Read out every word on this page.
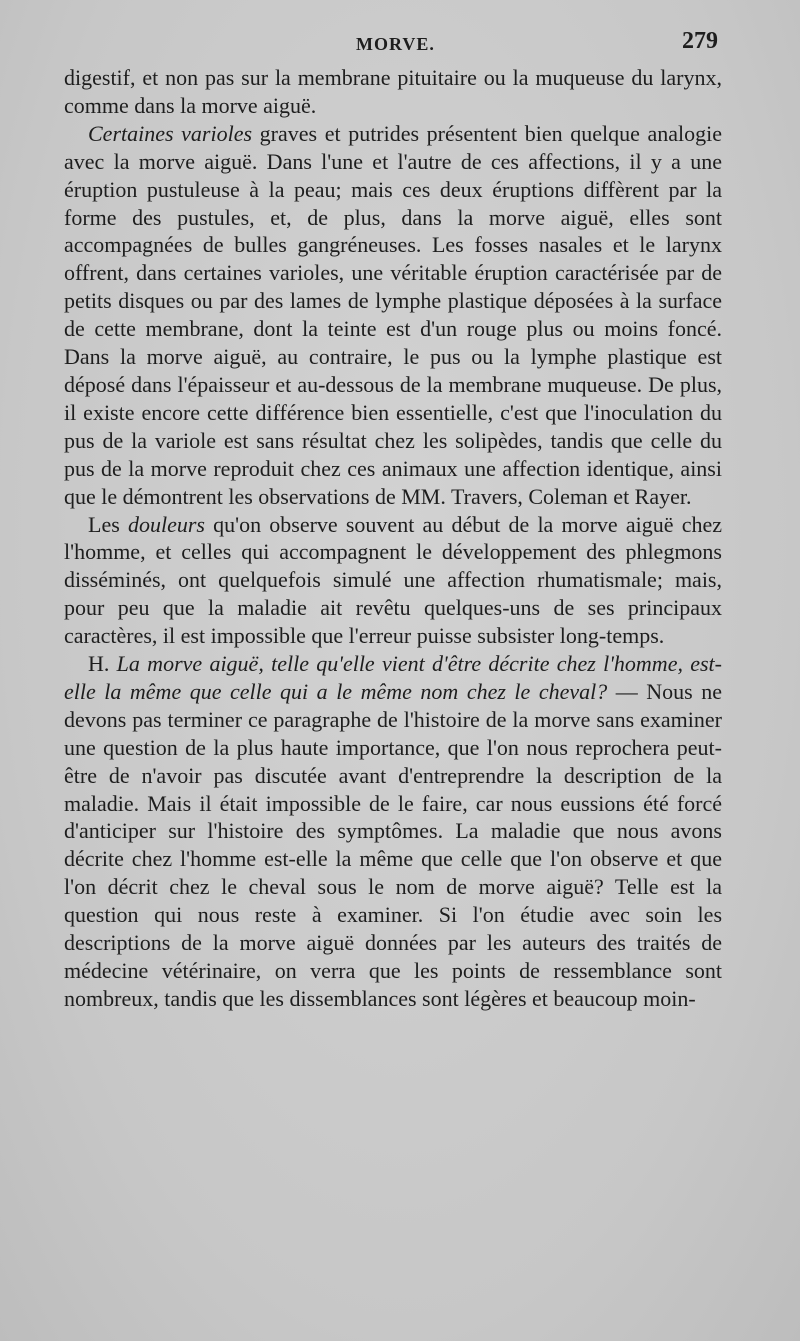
MORVE.	279

digestif, et non pas sur la membrane pituitaire ou la muqueuse du larynx, comme dans la morve aiguë.

Certaines varioles graves et putrides présentent bien quelque analogie avec la morve aiguë. Dans l'une et l'autre de ces affections, il y a une éruption pustuleuse à la peau; mais ces deux éruptions diffèrent par la forme des pustules, et, de plus, dans la morve aiguë, elles sont accompagnées de bulles gangréneuses. Les fosses nasales et le larynx offrent, dans certaines varioles, une véritable éruption caractérisée par de petits disques ou par des lames de lymphe plastique déposées à la surface de cette membrane, dont la teinte est d'un rouge plus ou moins foncé. Dans la morve aiguë, au contraire, le pus ou la lymphe plastique est déposé dans l'épaisseur et au-dessous de la membrane muqueuse. De plus, il existe encore cette différence bien essentielle, c'est que l'inoculation du pus de la variole est sans résultat chez les solipèdes, tandis que celle du pus de la morve reproduit chez ces animaux une affection identique, ainsi que le démontrent les observations de MM. Travers, Coleman et Rayer.

Les douleurs qu'on observe souvent au début de la morve aiguë chez l'homme, et celles qui accompagnent le développement des phlegmons disséminés, ont quelquefois simulé une affection rhumatismale; mais, pour peu que la maladie ait revêtu quelques-uns de ses principaux caractères, il est impossible que l'erreur puisse subsister long-temps.

H. La morve aiguë, telle qu'elle vient d'être décrite chez l'homme, est-elle la même que celle qui a le même nom chez le cheval? — Nous ne devons pas terminer ce paragraphe de l'histoire de la morve sans examiner une question de la plus haute importance, que l'on nous reprochera peut-être de n'avoir pas discutée avant d'entreprendre la description de la maladie. Mais il était impossible de le faire, car nous eussions été forcé d'anticiper sur l'histoire des symptômes. La maladie que nous avons décrite chez l'homme est-elle la même que celle que l'on observe et que l'on décrit chez le cheval sous le nom de morve aiguë? Telle est la question qui nous reste à examiner. Si l'on étudie avec soin les descriptions de la morve aiguë données par les auteurs des traités de médecine vétérinaire, on verra que les points de ressemblance sont nombreux, tandis que les dissemblances sont légères et beaucoup moin-
